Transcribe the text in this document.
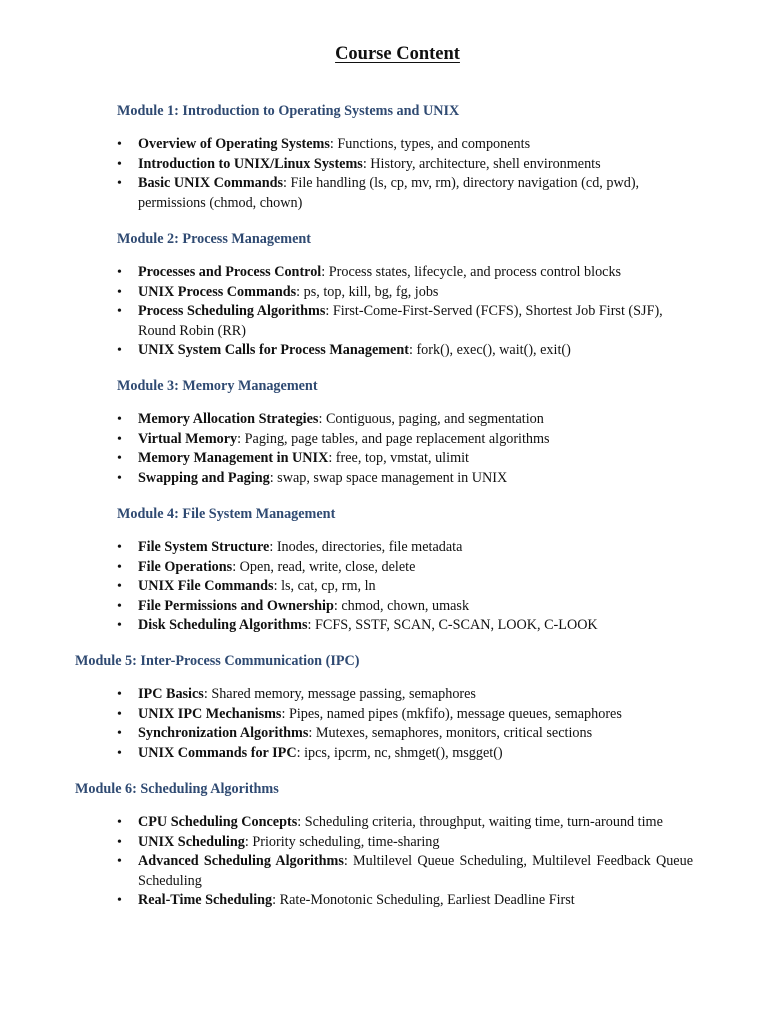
Course Content
Module 1: Introduction to Operating Systems and UNIX
• Overview of Operating Systems: Functions, types, and components
• Introduction to UNIX/Linux Systems: History, architecture, shell environments
• Basic UNIX Commands: File handling (ls, cp, mv, rm), directory navigation (cd, pwd), permissions (chmod, chown)
Module 2: Process Management
• Processes and Process Control: Process states, lifecycle, and process control blocks
• UNIX Process Commands: ps, top, kill, bg, fg, jobs
• Process Scheduling Algorithms: First-Come-First-Served (FCFS), Shortest Job First (SJF), Round Robin (RR)
• UNIX System Calls for Process Management: fork(), exec(), wait(), exit()
Module 3: Memory Management
• Memory Allocation Strategies: Contiguous, paging, and segmentation
• Virtual Memory: Paging, page tables, and page replacement algorithms
• Memory Management in UNIX: free, top, vmstat, ulimit
• Swapping and Paging: swap, swap space management in UNIX
Module 4: File System Management
• File System Structure: Inodes, directories, file metadata
• File Operations: Open, read, write, close, delete
• UNIX File Commands: ls, cat, cp, rm, ln
• File Permissions and Ownership: chmod, chown, umask
• Disk Scheduling Algorithms: FCFS, SSTF, SCAN, C-SCAN, LOOK, C-LOOK
Module 5: Inter-Process Communication (IPC)
• IPC Basics: Shared memory, message passing, semaphores
• UNIX IPC Mechanisms: Pipes, named pipes (mkfifo), message queues, semaphores
• Synchronization Algorithms: Mutexes, semaphores, monitors, critical sections
• UNIX Commands for IPC: ipcs, ipcrm, nc, shmget(), msgget()
Module 6: Scheduling Algorithms
• CPU Scheduling Concepts: Scheduling criteria, throughput, waiting time, turn-around time
• UNIX Scheduling: Priority scheduling, time-sharing
• Advanced Scheduling Algorithms: Multilevel Queue Scheduling, Multilevel Feedback Queue Scheduling
• Real-Time Scheduling: Rate-Monotonic Scheduling, Earliest Deadline First
